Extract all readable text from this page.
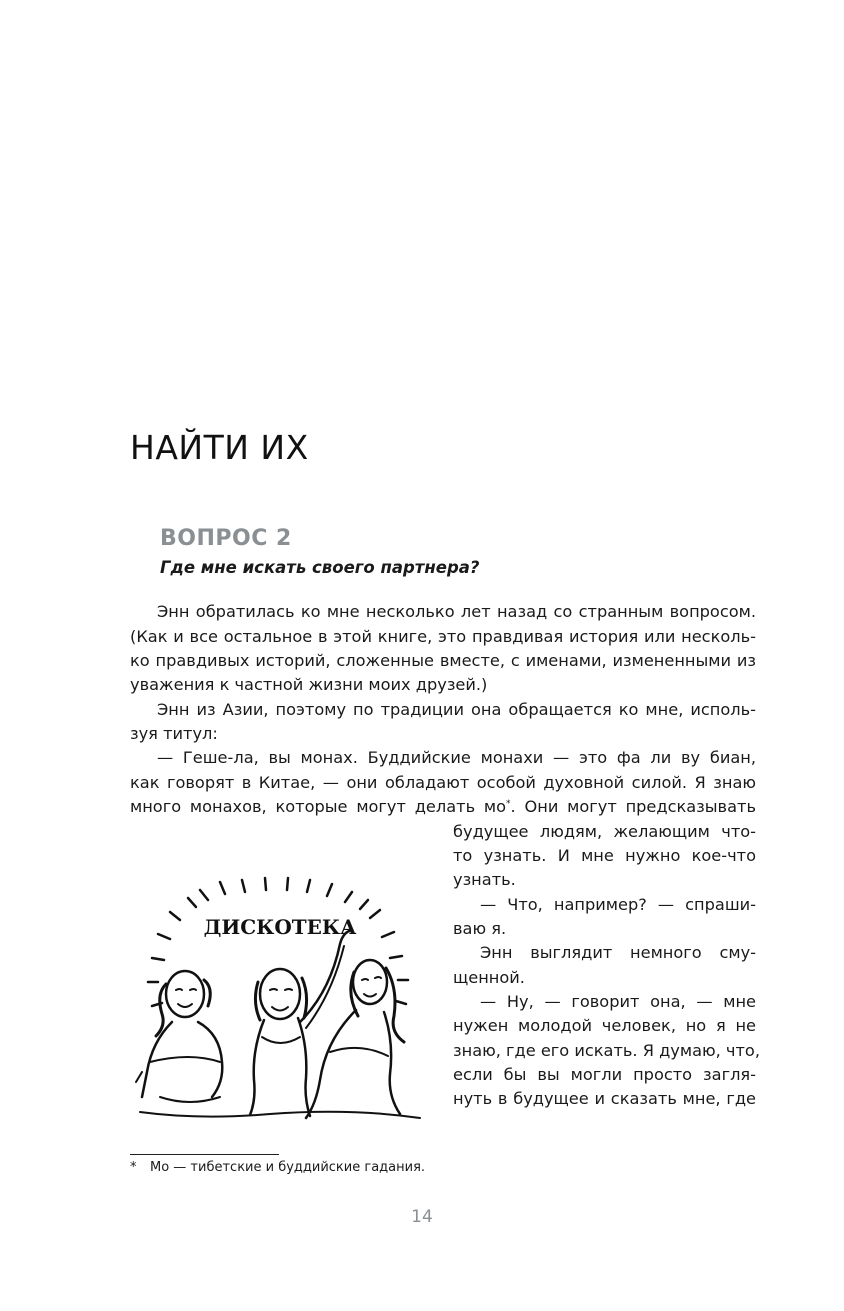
НАЙТИ ИХ
ВОПРОС 2
Где мне искать своего партнера?
Энн обратилась ко мне несколько лет назад со странным вопросом.
(Как и все остальное в этой книге, это правдивая история или несколь-
ко правдивых историй, сложенные вместе, с именами, измененными из
уважения к частной жизни моих друзей.)
Энн из Азии, поэтому по традиции она обращается ко мне, исполь-
зуя титул:
— Геше-ла, вы монах. Буддийские монахи — это фа ли ву биан,
как говорят в Китае, — они обладают особой духовной силой. Я знаю
много монахов, которые могут делать мо*. Они могут предсказывать
будущее людям, желающим что-
то узнать. И мне нужно кое-что
узнать.
— Что, например? — спраши-
ваю я.
Энн выглядит немного сму-
щенной.
— Ну, — говорит она, — мне
нужен молодой человек, но я не
знаю, где его искать. Я думаю, что,
если бы вы могли просто загля-
нуть в будущее и сказать мне, где
ДИСКОТЕКА
* Мо — тибетские и буддийские гадания.
14
